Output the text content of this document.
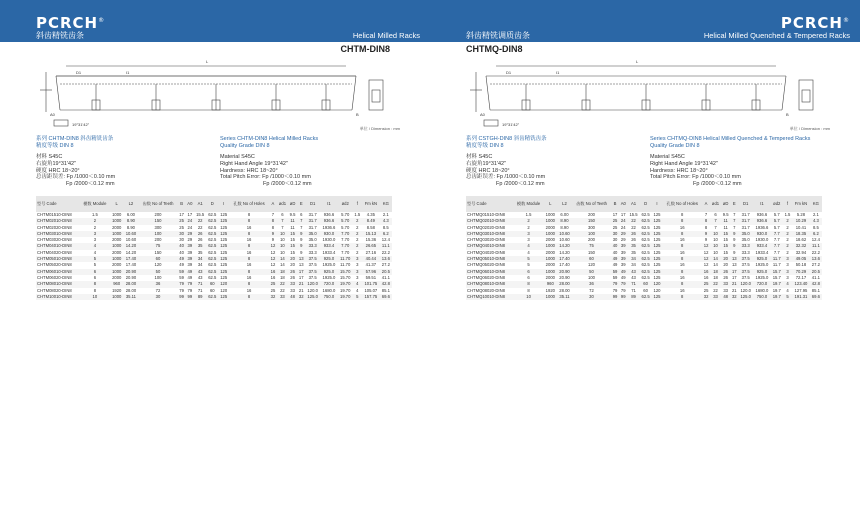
PCRCH®
斜齿精铣齿条	Helical Milled Racks
CHTM-DIN8
L
I1
D1
B
A0
19°31'42"
单位 / Dimension : mm
系列 CHTM-DIN8 斜齿精铣齿条
精度等级 DIN 8
Series CHTM-DIN8 Helical Milled Racks
Quality Grade DIN 8
材料 S45C
右旋角19°31'42"
硬度 HRC 18~20°
总齿距误差: Fp /1000＜0.10 mm
Fp /2000＜0.12 mm
Material S45C
Right Hand Angle 19°31'42"
Hardness: HRC 18~20°
Total Pitch Error: Fp /1000＜0.10 mm
Fp /2000＜0.12 mm
型号 Code	模数 Module	L	L2	齿数 No of Teeth	B	A0	A1	D	I	孔数 No of Holes	A	ød1	øD	E	D1	I1	ød2	f	Fm kN	KG
CHTM01510-DIN8	1.5	1000	6.00	200	17	17	15.5	62.5	125	8	7	6	9.5	6	31.7	936.6	5.70	1.5	4.35	2.1
CHTM02010-DIN8	2	1000	8.90	150	25	24	22	62.5	125	8	8	7	11	7	31.7	936.6	5.70	2	8.49	4.3
CHTM02020-DIN8	2	2000	8.90	300	25	24	22	62.5	125	16	8	7	11	7	31.7	1936.6	5.70	2	8.58	8.5
CHTM03010-DIN8	3	1000	10.60	100	30	29	26	62.5	125	8	9	10	15	9	35.0	930.0	7.70	2	15.13	6.2
CHTM03020-DIN8	3	2000	10.60	200	30	29	26	62.5	125	16	9	10	15	9	35.0	1930.0	7.70	2	15.36	12.4
CHTM04010-DIN8	4	1000	14.20	75	40	39	35	62.5	125	8	12	10	15	9	33.3	933.4	7.70	2	26.65	11.1
CHTM04020-DIN8	4	2000	14.20	150	40	39	35	62.5	125	16	12	10	15	9	33.3	1933.4	7.70	2	27.16	22.2
CHTM05010-DIN8	5	1000	17.40	60	49	39	34	62.5	125	8	12	14	20	13	37.5	925.0	11.70	3	40.44	13.6
CHTM05020-DIN8	5	2000	17.40	120	49	39	34	62.5	125	16	12	14	20	13	37.5	1925.0	11.70	3	41.37	27.2
CHTM06010-DIN8	6	1000	20.90	50	59	49	43	62.5	125	8	16	18	26	17	37.5	925.0	15.70	3	57.96	20.5
CHTM06020-DIN8	6	2000	20.90	100	59	49	43	62.5	125	16	16	18	26	17	37.5	1925.0	15.70	3	59.51	41.1
CHTM08010-DIN8	8	960	28.00	36	79	79	71	60	120	8	25	22	33	21	120.0	720.0	19.70	4	101.75	42.8
CHTM08020-DIN8	8	1920	28.00	72	79	79	71	60	120	16	25	22	33	21	120.0	1680.0	19.70	4	105.07	85.1
CHTM10010-DIN8	10	1000	35.11	30	99	99	89	62.5	125	8	32	33	48	32	125.0	750.0	19.70	5	157.75	69.6
PCRCH®
斜齿精铣调质齿条	Helical Milled Quenched & Tempered Racks
CHTMQ-DIN8
L
I1
D1
B
A0
19°31'42"
单位 / Dimension : mm
系列 CSTGH-DIN8 斜齿精铣齿条
精度等级 DIN 8
Series CHTMQ-DIN8 Helical Milled Quenched & Tempered Racks
Quality Grade DIN 8
材料 S45C
右旋角19°31'42"
硬度 HRC 18~20°
总齿距误差: Fp /1000＜0.10 mm
Fp /2000＜0.12 mm
Material S45C
Right Hand Angle 19°31'42"
Hardness: HRC 18~20°
Total Pitch Error: Fp /1000＜0.10 mm
Fp /2000＜0.12 mm
型号 Code	模数 Module	L	L2	齿数 No of Teeth	B	A0	A1	D	I	孔数 No of Holes	A	ød1	øD	E	D1	I1	ød2	f	Fm kN	KG
CHTMQ01510-DIN8	1.5	1000	6.00	200	17	17	15.5	62.5	125	8	7	6	9.5	7	31.7	936.6	5.7	1.5	5.28	2.1
CHTMQ02010-DIN8	2	1000	8.90	150	25	24	22	62.5	125	8	8	7	11	7	31.7	936.6	5.7	2	10.29	4.3
CHTMQ02020-DIN8	2	2000	8.90	300	25	24	22	62.5	125	16	8	7	11	7	31.7	1936.6	5.7	2	10.41	8.5
CHTMQ03010-DIN8	3	1000	10.60	100	30	29	26	62.5	125	8	9	10	15	9	35.0	930.0	7.7	2	18.35	6.2
CHTMQ03020-DIN8	3	2000	10.60	200	30	29	26	62.5	125	16	9	10	15	9	35.0	1930.0	7.7	2	18.62	12.4
CHTMQ04010-DIN8	4	1000	14.20	75	40	39	35	62.5	125	8	12	10	15	9	33.3	933.4	7.7	2	32.32	11.1
CHTMQ04020-DIN8	4	2000	14.20	150	40	39	35	62.5	125	16	12	10	15	9	33.3	1933.4	7.7	2	32.94	22.2
CHTMQ05010-DIN8	5	1000	17.40	60	49	39	34	62.5	125	8	12	14	20	13	37.5	925.0	11.7	3	49.05	13.6
CHTMQ05020-DIN8	5	2000	17.40	120	49	39	34	62.5	125	16	12	14	20	13	37.5	1925.0	11.7	3	50.18	27.2
CHTMQ06010-DIN8	6	1000	20.90	50	59	49	43	62.5	125	8	16	18	26	17	37.5	925.0	15.7	3	70.29	20.5
CHTMQ06020-DIN8	6	2000	20.90	100	59	49	43	62.5	125	16	16	18	26	17	37.5	1925.0	15.7	3	72.17	41.1
CHTMQ08010-DIN8	8	960	28.00	36	79	79	71	60	120	8	25	22	33	21	120.0	720.0	19.7	4	123.40	42.8
CHTMQ08020-DIN8	8	1920	28.00	72	79	79	71	60	120	16	25	22	33	21	120.0	1680.0	19.7	4	127.95	85.1
CHTMQ10010-DIN8	10	1000	35.11	30	99	99	89	62.5	125	8	32	33	48	32	125.0	750.0	19.7	5	191.31	69.6
